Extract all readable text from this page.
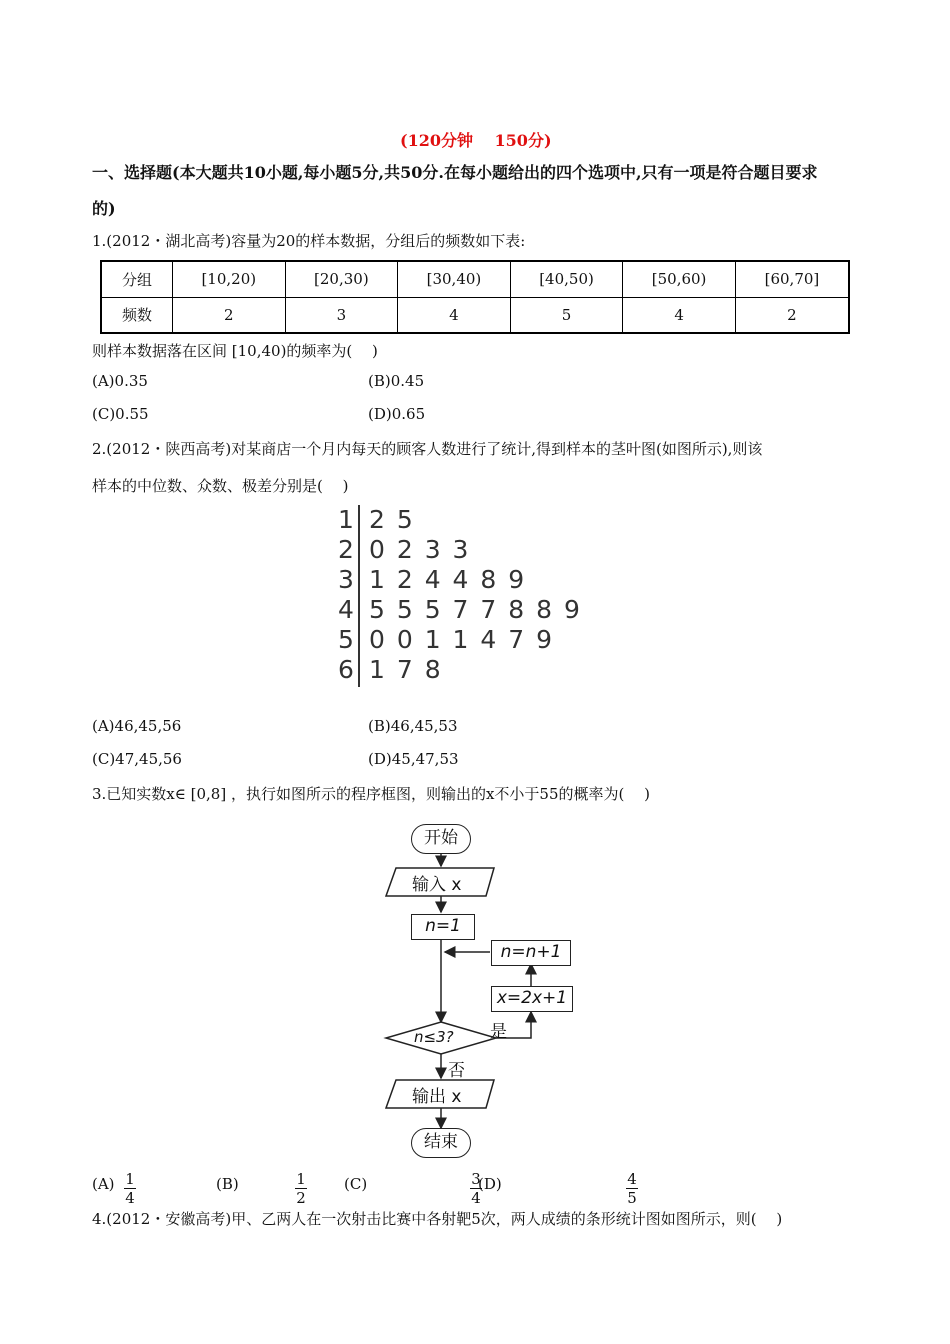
(120分钟　 150分)
一、选择题(本大题共10小题,每小题5分,共50分.在每小题给出的四个选项中,只有一项是符合题目要求
的)
1.(2012・湖北高考)容量为20的样本数据，分组后的频数如下表:
分组	[10,20)	[20,30)	[30,40)	[40,50)	[50,60)	[60,70]
频数	2	3	4	5	4	2
则样本数据落在区间 [10,40)的频率为(　 )
(A)0.35	(B)0.45
(C)0.55	(D)0.65
2.(2012・陕西高考)对某商店一个月内每天的顾客人数进行了统计,得到样本的茎叶图(如图所示),则该
样本的中位数、众数、极差分别是(　 )
1 2 5
2 0 2 3 3
3 1 2 4 4 8 9
4 5 5 5 7 7 8 8 9
5 0 0 1 1 4 7 9
6 1 7 8
(A)46,45,56	(B)46,45,53
(C)47,45,56	(D)45,47,53
3.已知实数x∈ [0,8] ，执行如图所示的程序框图，则输出的x不小于55的概率为(　 )
开始
输入 x
n=1
n=n+1
x=2x+1
n≤3? 是
否
输出 x
结束
$(A) \frac{1}{4}$	(B)	$\frac{1}{2} (C)$	$\frac{3}{4}$
(D)	$\frac{4}{5}$
4.(2012・安徽高考)甲、乙两人在一次射击比赛中各射靶5次，两人成绩的条形统计图如图所示，则(　 )
